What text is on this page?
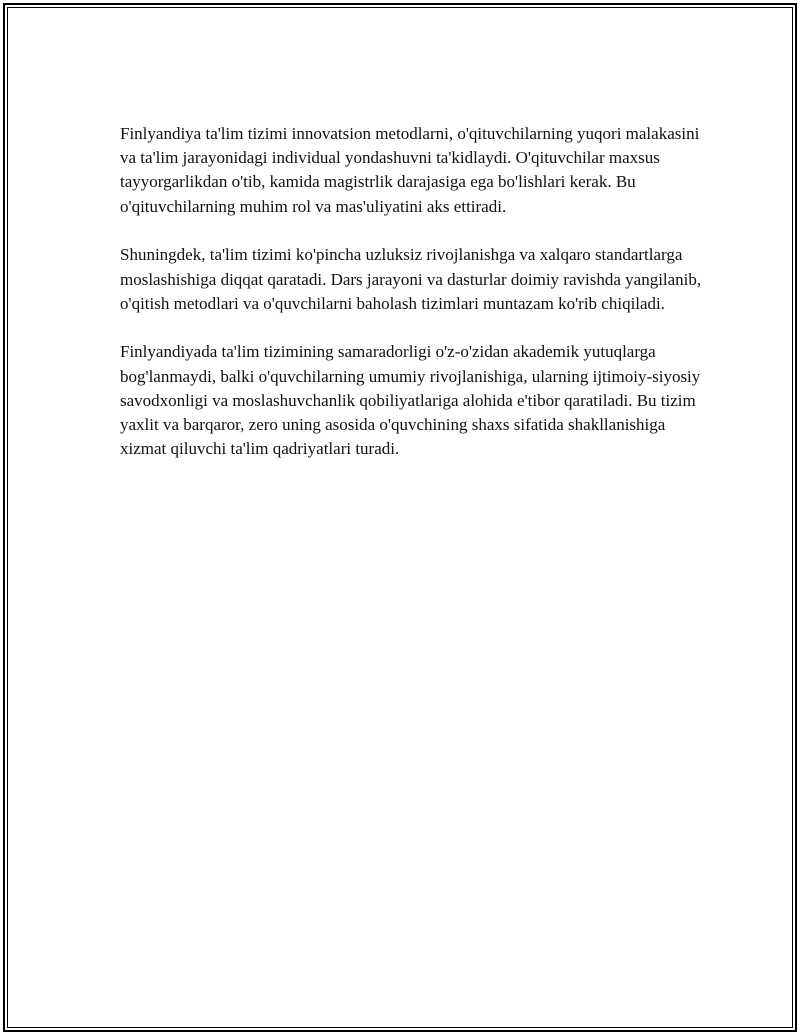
Finlyandiya ta'lim tizimi innovatsion metodlarni, o'qituvchilarning yuqori malakasini va ta'lim jarayonidagi individual yondashuvni ta'kidlaydi. O'qituvchilar maxsus tayyorgarlikdan o'tib, kamida magistrlik darajasiga ega bo'lishlari kerak. Bu o'qituvchilarning muhim rol va mas'uliyatini aks ettiradi.

Shuningdek, ta'lim tizimi ko'pincha uzluksiz rivojlanishga va xalqaro standartlarga moslashishiga diqqat qaratadi. Dars jarayoni va dasturlar doimiy ravishda yangilanib, o'qitish metodlari va o'quvchilarni baholash tizimlari muntazam ko'rib chiqiladi.

Finlyandiyada ta'lim tizimining samaradorligi o'z-o'zidan akademik yutuqlarga bog'lanmaydi, balki o'quvchilarning umumiy rivojlanishiga, ularning ijtimoiy-siyosiy savodxonligi va moslashuvchanlik qobiliyatlariga alohida e'tibor qaratiladi. Bu tizim yaxlit va barqaror, zero uning asosida o'quvchining shaxs sifatida shakllanishiga xizmat qiluvchi ta'lim qadriyatlari turadi.
